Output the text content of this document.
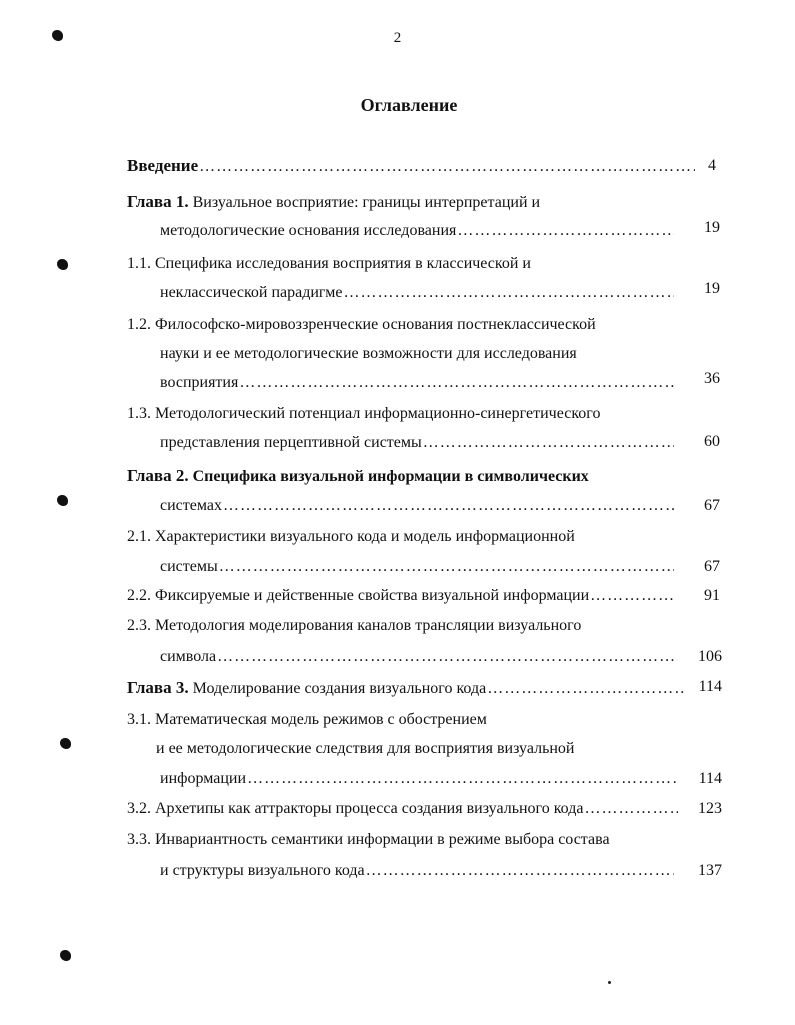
2
Оглавление
Введение …………………………………………………………………………………………………………………………………………………………………………	4
Глава 1. Визуальное восприятие: границы интерпретаций и
методологические основания исследования …………………………………………………………………………………………………………………………………………………………………………	19
1.1. Специфика исследования восприятия в классической и
неклассической парадигме …………………………………………………………………………………………………………………………………………………………………………	19
1.2. Философско-мировоззренческие основания постнеклассической
науки и ее методологические возможности для исследования
восприятия …………………………………………………………………………………………………………………………………………………………………………	36
1.3. Методологический потенциал информационно-синергетического
представления перцептивной системы …………………………………………………………………………………………………………………………………………………………………………	60
Глава 2. Специфика визуальной информации в символических
системах …………………………………………………………………………………………………………………………………………………………………………	67
2.1. Характеристики визуального кода и модель информационной
системы …………………………………………………………………………………………………………………………………………………………………………	67
2.2. Фиксируемые и действенные свойства визуальной информации …………………………………………………………………………………………………………………………………………………………………………	91
2.3. Методология моделирования каналов трансляции визуального
символа …………………………………………………………………………………………………………………………………………………………………………	106
Глава 3. Моделирование создания визуального кода …………………………………………………………………………………………………………………………………………………………………………	114
3.1. Математическая модель режимов с обострением
и ее методологические следствия для восприятия визуальной
информации …………………………………………………………………………………………………………………………………………………………………………	114
3.2. Архетипы как аттракторы процесса создания визуального кода …………………………………………………………………………………………………………………………………………………………………………	123
3.3. Инвариантность семантики информации в режиме выбора состава
и структуры визуального кода …………………………………………………………………………………………………………………………………………………………………………	137
